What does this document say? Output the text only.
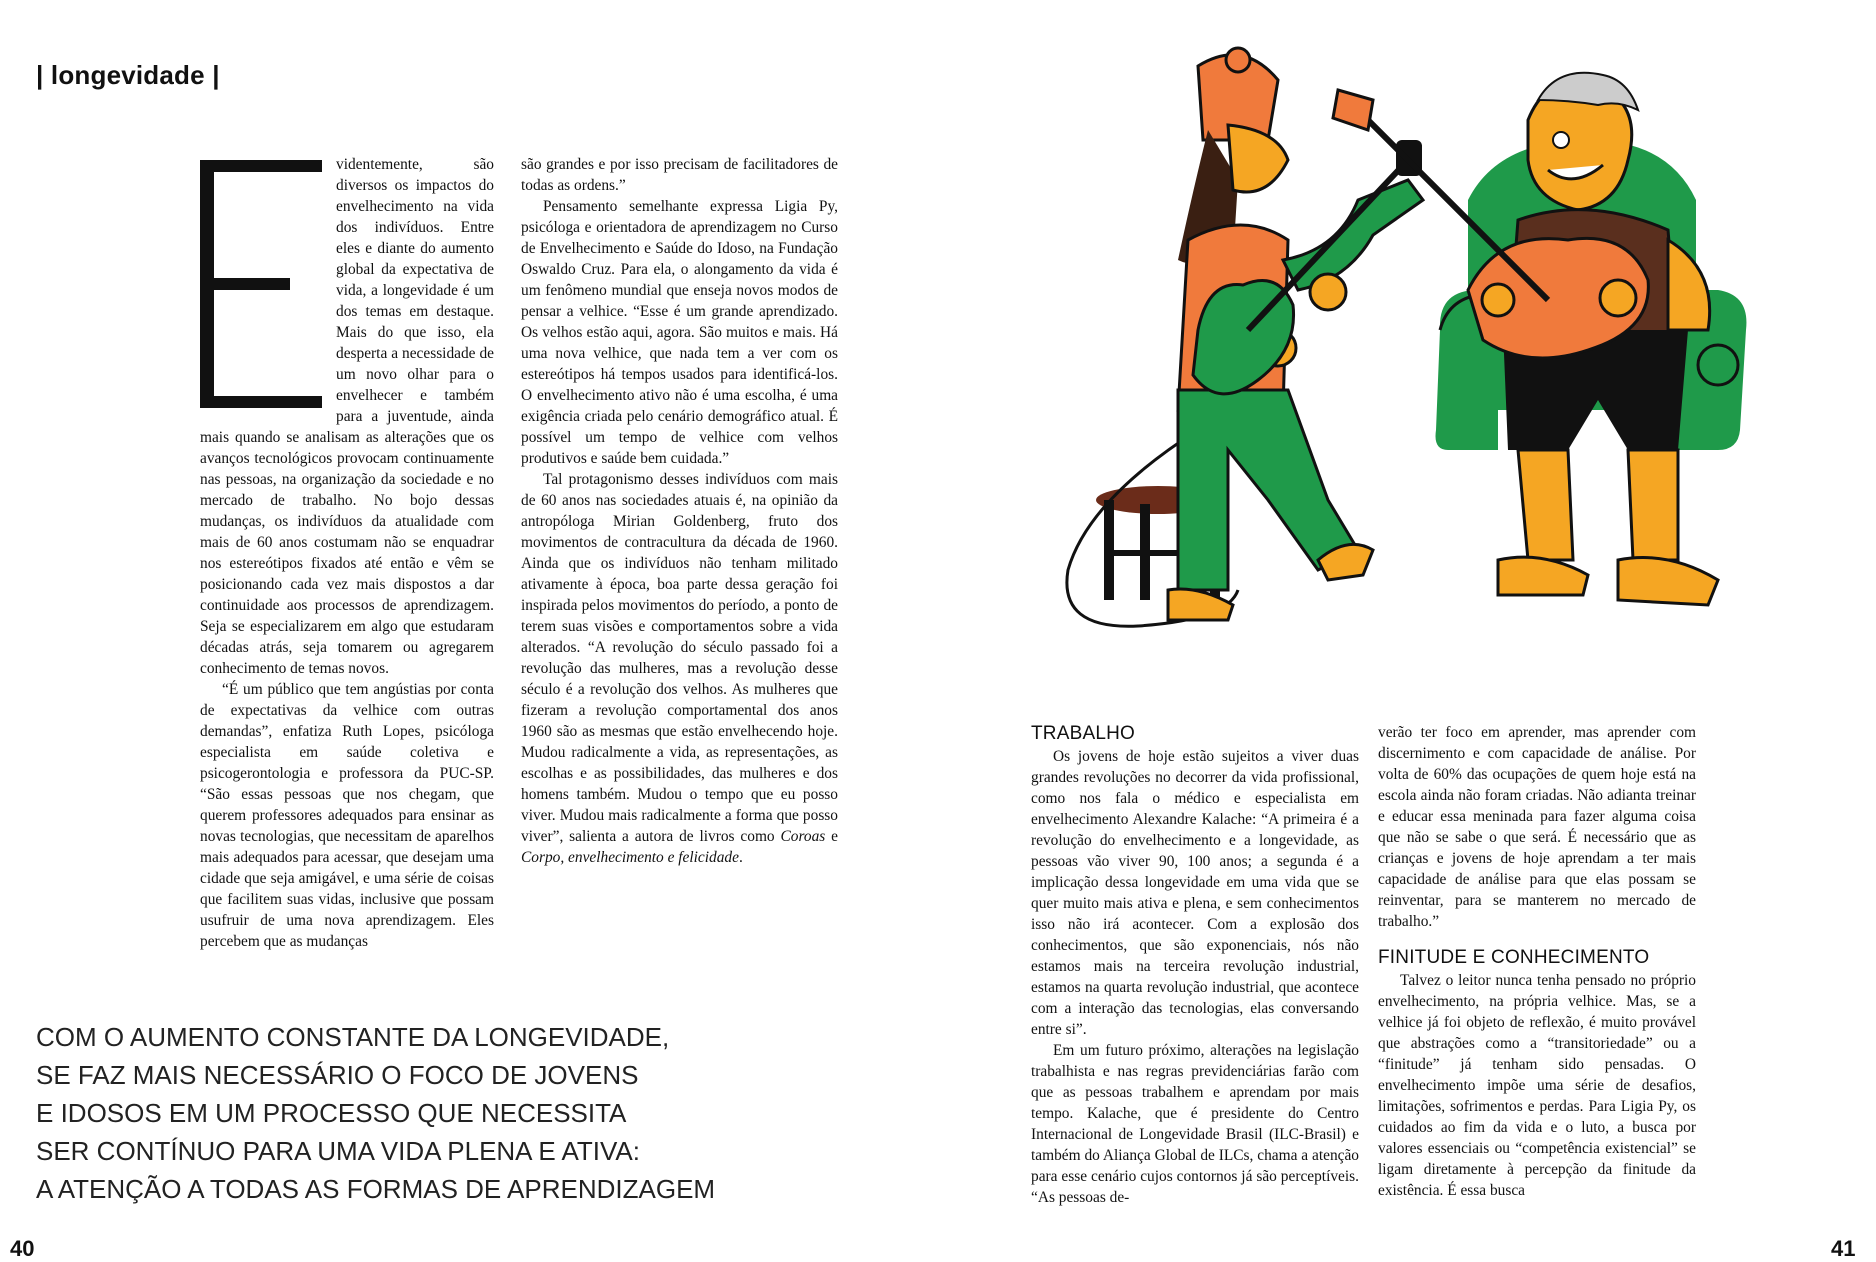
| longevidade |

videntemente, são diversos os impactos do envelhecimento na vida dos indivíduos. Entre eles e diante do aumento global da expectativa de vida, a longevidade é um dos temas em destaque. Mais do que isso, ela desperta a necessidade de um novo olhar para o envelhecer e também para a juventude, ainda mais quando se analisam as alterações que os avanços tecnológicos provocam continuamente nas pessoas, na organização da sociedade e no mercado de trabalho. No bojo dessas mudanças, os indivíduos da atualidade com mais de 60 anos costumam não se enquadrar nos estereótipos fixados até então e vêm se posicionando cada vez mais dispostos a dar continuidade aos processos de aprendizagem. Seja se especializarem em algo que estudaram décadas atrás, seja tomarem ou agregarem conhecimento de temas novos.

“É um público que tem angústias por conta de expectativas da velhice com outras demandas”, enfatiza Ruth Lopes, psicóloga especialista em saúde coletiva e psicogerontologia e professora da PUC-SP. “São essas pessoas que nos chegam, que querem professores adequados para ensinar as novas tecnologias, que necessitam de aparelhos mais adequados para acessar, que desejam uma cidade que seja amigável, e uma série de coisas que facilitem suas vidas, inclusive que possam usufruir de uma nova aprendizagem. Eles percebem que as mudanças

são grandes e por isso precisam de facilitadores de todas as ordens.”

Pensamento semelhante expressa Ligia Py, psicóloga e orientadora de aprendizagem no Curso de Envelhecimento e Saúde do Idoso, na Fundação Oswaldo Cruz. Para ela, o alongamento da vida é um fenômeno mundial que enseja novos modos de pensar a velhice. “Esse é um grande aprendizado. Os velhos estão aqui, agora. São muitos e mais. Há uma nova velhice, que nada tem a ver com os estereótipos há tempos usados para identificá-los. O envelhecimento ativo não é uma escolha, é uma exigência criada pelo cenário demográfico atual. É possível um tempo de velhice com velhos produtivos e saúde bem cuidada.”

Tal protagonismo desses indivíduos com mais de 60 anos nas sociedades atuais é, na opinião da antropóloga Mirian Goldenberg, fruto dos movimentos de contracultura da década de 1960. Ainda que os indivíduos não tenham militado ativamente à época, boa parte dessa geração foi inspirada pelos movimentos do período, a ponto de terem suas visões e comportamentos sobre a vida alterados. “A revolução do século passado foi a revolução das mulheres, mas a revolução desse século é a revolução dos velhos. As mulheres que fizeram a revolução comportamental dos anos 1960 são as mesmas que estão envelhecendo hoje. Mudou radicalmente a vida, as representações, as escolhas e as possibilidades, das mulheres e dos homens também. Mudou o tempo que eu posso viver. Mudou mais radicalmente a forma que posso viver”, salienta a autora de livros como Coroas e Corpo, envelhecimento e felicidade.

COM O AUMENTO CONSTANTE DA LONGEVIDADE,
SE FAZ MAIS NECESSÁRIO O FOCO DE JOVENS
E IDOSOS EM UM PROCESSO QUE NECESSITA
SER CONTÍNUO PARA UMA VIDA PLENA E ATIVA:
A ATENÇÃO A TODAS AS FORMAS DE APRENDIZAGEM
TRABALHO

Os jovens de hoje estão sujeitos a viver duas grandes revoluções no decorrer da vida profissional, como nos fala o médico e especialista em envelhecimento Alexandre Kalache: “A primeira é a revolução do envelhecimento e a longevidade, as pessoas vão viver 90, 100 anos; a segunda é a implicação dessa longevidade em uma vida que se quer muito mais ativa e plena, e sem conhecimentos isso não irá acontecer. Com a explosão dos conhecimentos, que são exponenciais, nós não estamos mais na terceira revolução industrial, estamos na quarta revolução industrial, que acontece com a interação das tecnologias, elas conversando entre si”.

Em um futuro próximo, alterações na legislação trabalhista e nas regras previdenciárias farão com que as pessoas trabalhem e aprendam por mais tempo. Kalache, que é presidente do Centro Internacional de Longevidade Brasil (ILC-Brasil) e também do Aliança Global de ILCs, chama a atenção para esse cenário cujos contornos já são perceptíveis. “As pessoas de-

verão ter foco em aprender, mas aprender com discernimento e com capacidade de análise. Por volta de 60% das ocupações de quem hoje está na escola ainda não foram criadas. Não adianta treinar e educar essa meninada para fazer alguma coisa que não se sabe o que será. É necessário que as crianças e jovens de hoje aprendam a ter mais capacidade de análise para que elas possam se reinventar, para se manterem no mercado de trabalho.”

FINITUDE E CONHECIMENTO

Talvez o leitor nunca tenha pensado no próprio envelhecimento, na própria velhice. Mas, se a velhice já foi objeto de reflexão, é muito provável que abstrações como a “transitoriedade” ou a “finitude” já tenham sido pensadas. O envelhecimento impõe uma série de desafios, limitações, sofrimentos e perdas. Para Ligia Py, os cuidados ao fim da vida e o luto, a busca por valores essenciais ou “competência existencial” se ligam diretamente à percepção da finitude da existência. É essa busca

40	41
